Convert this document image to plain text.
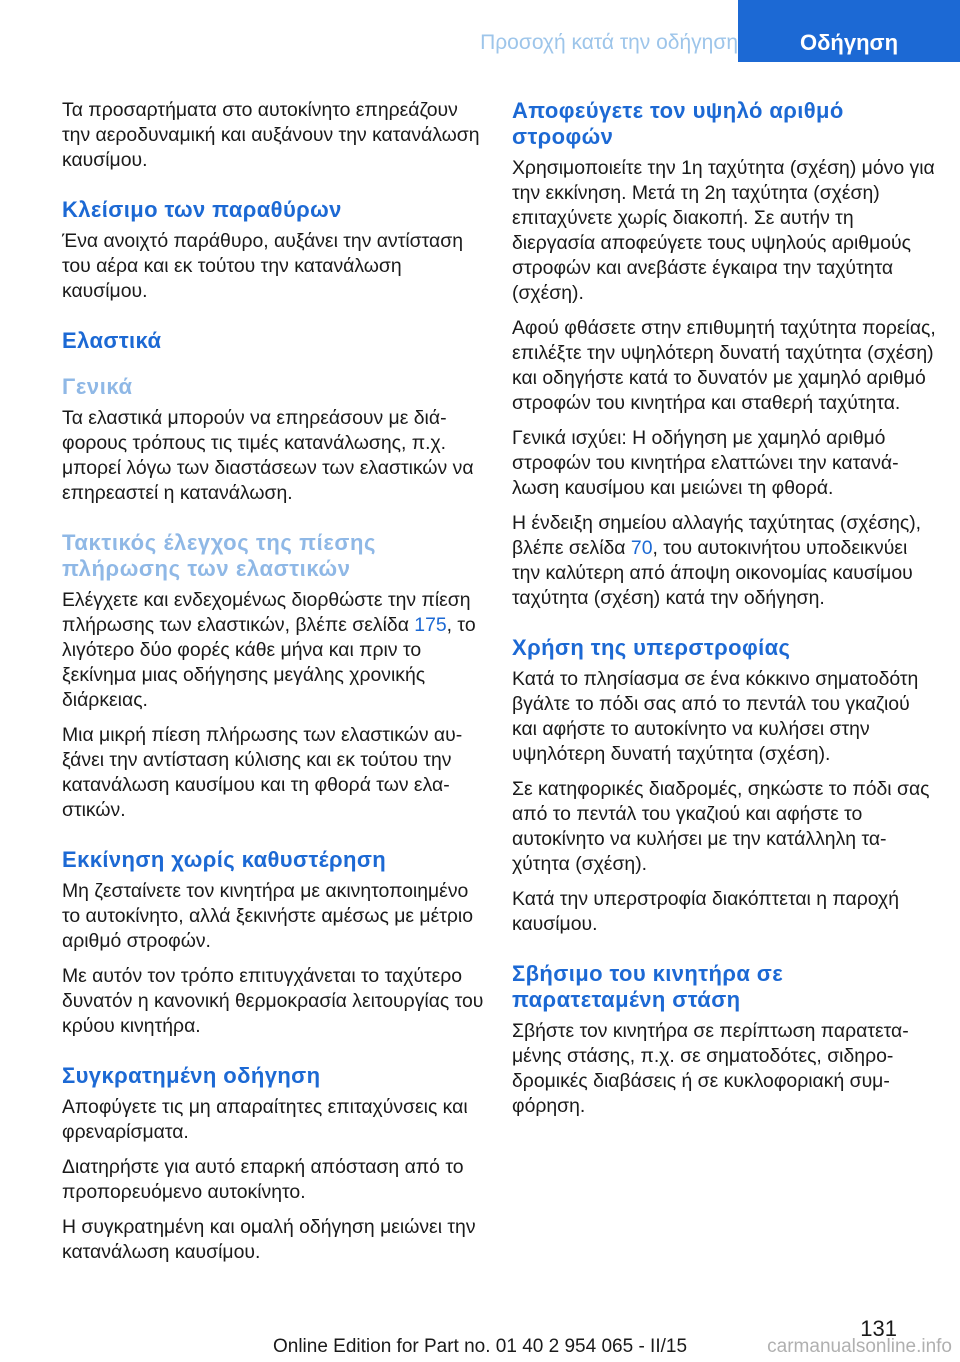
Προσοχή κατά την οδήγηση	Οδήγηση

Τα προσαρτήματα στο αυτοκίνητο επηρεάζουν την αεροδυναμική και αυξάνουν την κατανάλωση καυσίμου.

Κλείσιμο των παραθύρων

Ένα ανοιχτό παράθυρο, αυξάνει την αντίσταση του αέρα και εκ τούτου την κατανάλωση καυσίμου.

Ελαστικά
Γενικά

Τα ελαστικά μπορούν να επηρεάσουν με διάφορους τρόπους τις τιμές κατανάλωσης, π.χ. μπορεί λόγω των διαστάσεων των ελαστικών να επηρεαστεί η κατανάλωση.

Τακτικός έλεγχος της πίεσης πλήρωσης των ελαστικών

Ελέγχετε και ενδεχομένως διορθώστε την πίεση πλήρωσης των ελαστικών, βλέπε σελίδα 175, το λιγότερο δύο φορές κάθε μήνα και πριν το ξεκίνημα μιας οδήγησης μεγάλης χρονικής διάρκειας.

Μια μικρή πίεση πλήρωσης των ελαστικών αυξάνει την αντίσταση κύλισης και εκ τούτου την κατανάλωση καυσίμου και τη φθορά των ελαστικών.

Εκκίνηση χωρίς καθυστέρηση

Μη ζεσταίνετε τον κινητήρα με ακινητοποιημένο το αυτοκίνητο, αλλά ξεκινήστε αμέσως με μέτριο αριθμό στροφών.

Με αυτόν τον τρόπο επιτυγχάνεται το ταχύτερο δυνατόν η κανονική θερμοκρασία λειτουργίας του κρύου κινητήρα.

Συγκρατημένη οδήγηση

Αποφύγετε τις μη απαραίτητες επιταχύνσεις και φρεναρίσματα.

Διατηρήστε για αυτό επαρκή απόσταση από το προπορευόμενο αυτοκίνητο.

Η συγκρατημένη και ομαλή οδήγηση μειώνει την κατανάλωση καυσίμου.

Αποφεύγετε τον υψηλό αριθμό στροφών

Χρησιμοποιείτε την 1η ταχύτητα (σχέση) μόνο για την εκκίνηση. Μετά τη 2η ταχύτητα (σχέση) επιταχύνετε χωρίς διακοπή. Σε αυτήν τη διεργασία αποφεύγετε τους υψηλούς αριθμούς στροφών και ανεβάστε έγκαιρα την ταχύτητα (σχέση).

Αφού φθάσετε στην επιθυμητή ταχύτητα πορείας, επιλέξτε την υψηλότερη δυνατή ταχύτητα (σχέση) και οδηγήστε κατά το δυνατόν με χαμηλό αριθμό στροφών του κινητήρα και σταθερή ταχύτητα.

Γενικά ισχύει: Η οδήγηση με χαμηλό αριθμό στροφών του κινητήρα ελαττώνει την κατανάλωση καυσίμου και μειώνει τη φθορά.

Η ένδειξη σημείου αλλαγής ταχύτητας (σχέσης), βλέπε σελίδα 70, του αυτοκινήτου υποδεικνύει την καλύτερη από άποψη οικονομίας καυσίμου ταχύτητα (σχέση) κατά την οδήγηση.

Χρήση της υπερστροφίας

Κατά το πλησίασμα σε ένα κόκκινο σηματοδότη βγάλτε το πόδι σας από το πεντάλ του γκαζιού και αφήστε το αυτοκίνητο να κυλήσει στην υψηλότερη δυνατή ταχύτητα (σχέση).

Σε κατηφορικές διαδρομές, σηκώστε το πόδι σας από το πεντάλ του γκαζιού και αφήστε το αυτοκίνητο να κυλήσει με την κατάλληλη ταχύτητα (σχέση).

Κατά την υπερστροφία διακόπτεται η παροχή καυσίμου.

Σβήσιμο του κινητήρα σε παρατεταμένη στάση

Σβήστε τον κινητήρα σε περίπτωση παρατεταμένης στάσης, π.χ. σε σηματοδότες, σιδηροδρομικές διαβάσεις ή σε κυκλοφοριακή συμφόρηση.

131
Online Edition for Part no. 01 40 2 954 065 - II/15	carmanualsonline.info
